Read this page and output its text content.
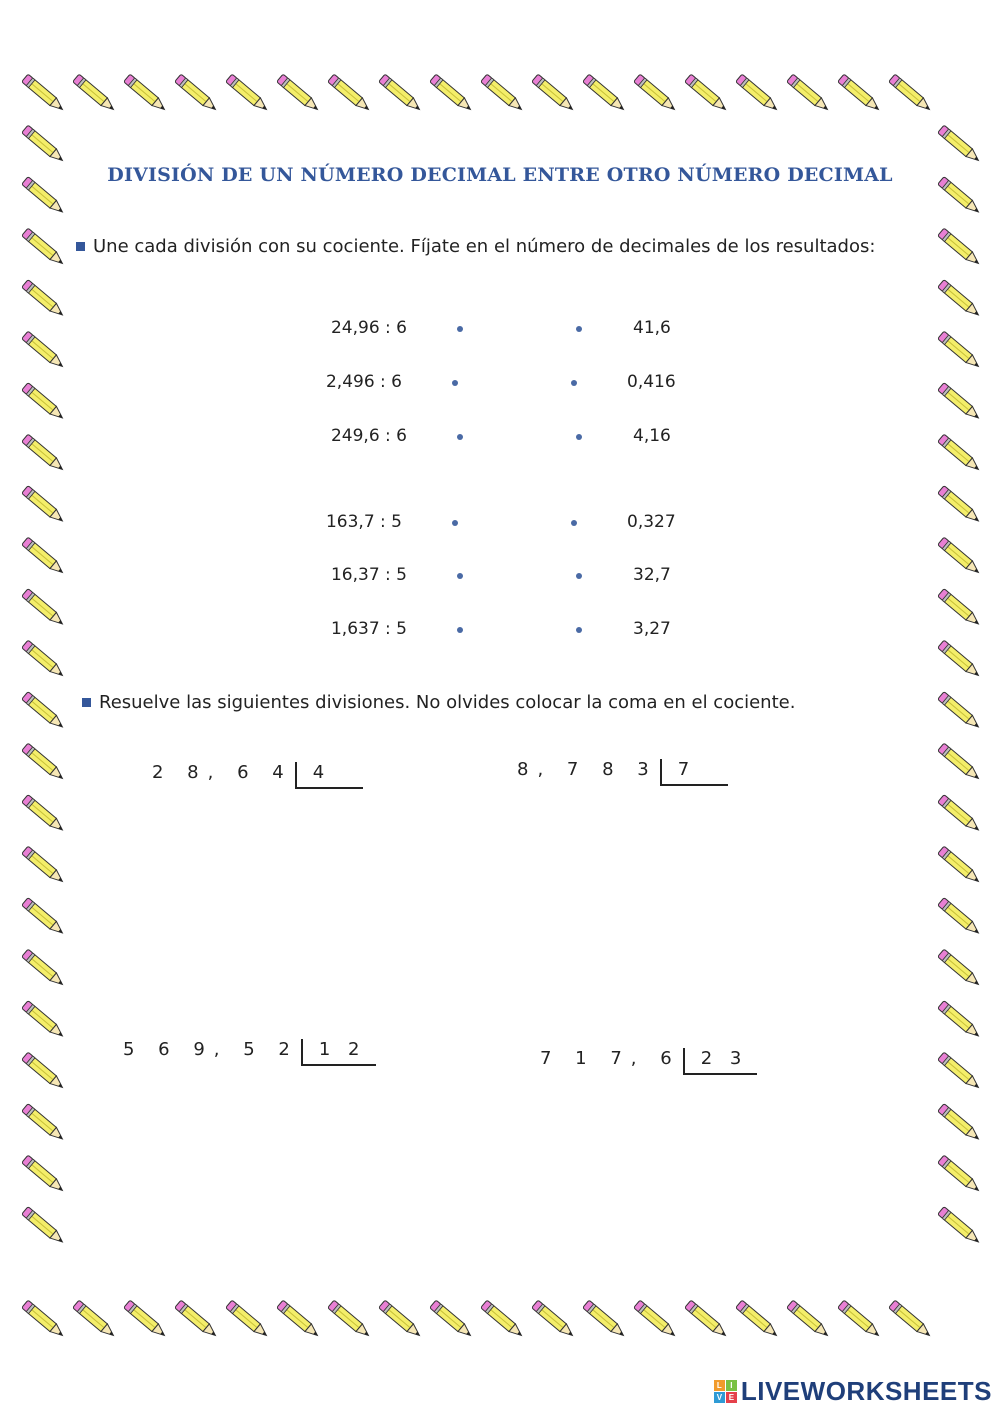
DIVISIÓN DE UN NÚMERO DECIMAL ENTRE OTRO NÚMERO DECIMAL
Une cada división con su cociente. Fíjate en el número de decimales de los resultados:
24,96 : 6	41,6
2,496 : 6	0,416
249,6 : 6	4,16
163,7 : 5	0,327
16,37 : 5	32,7
1,637 : 5	3,27
Resuelve las siguientes divisiones. No olvides colocar la coma en el cociente.
2 8, 6 4 4	8, 7 8 3 7
5 6 9, 5 2 1 2	7 1 7, 6 2 3
L	I
V E LIVEWORKSHEETS
